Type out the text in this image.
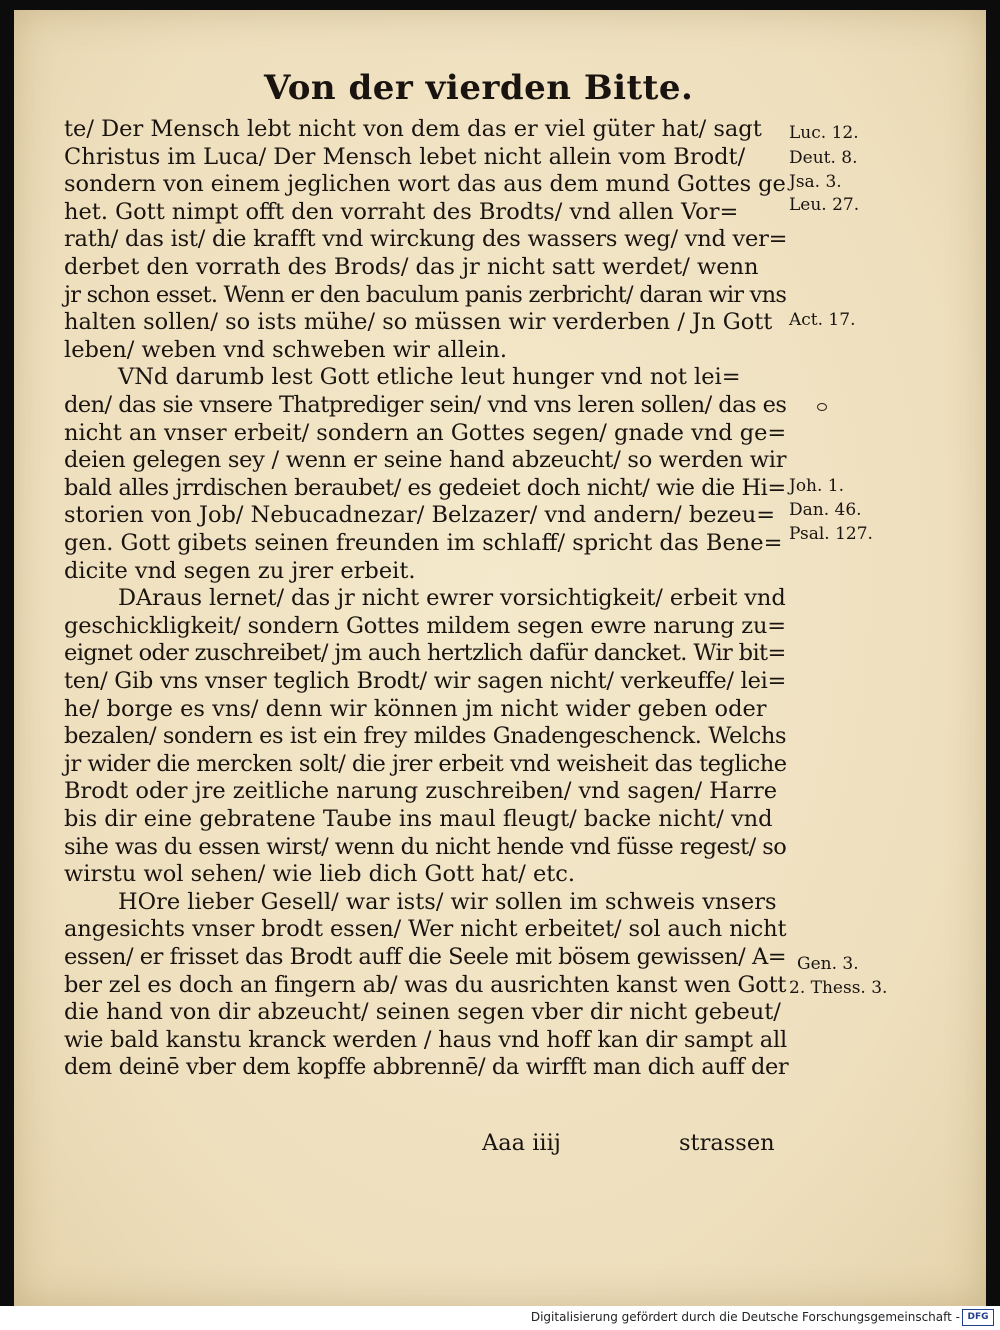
Von der vierden Bitte.
te/ Der Mensch lebt nicht von dem das er viel güter hat/ sagt
Christus im Luca/ Der Mensch lebet nicht allein vom Brodt/
sondern von einem jeglichen wort das aus dem mund Gottes ge
het. Gott nimpt offt den vorraht des Brodts/ vnd allen Vor=
rath/ das ist/ die krafft vnd wirckung des wassers weg/ vnd ver=
derbet den vorrath des Brods/ das jr nicht satt werdet/ wenn
jr schon esset. Wenn er den baculum panis zerbricht/ daran wir vns
halten sollen/ so ists mühe/ so müssen wir verderben / Jn Gott
leben/ weben vnd schweben wir allein.
VNd darumb lest Gott etliche leut hunger vnd not lei=
den/ das sie vnsere Thatprediger sein/ vnd vns leren sollen/ das es
nicht an vnser erbeit/ sondern an Gottes segen/ gnade vnd ge=
deien gelegen sey / wenn er seine hand abzeucht/ so werden wir
bald alles jrrdischen beraubet/ es gedeiet doch nicht/ wie die Hi=
storien von Job/ Nebucadnezar/ Belzazer/ vnd andern/ bezeu=
gen. Gott gibets seinen freunden im schlaff/ spricht das Bene=
dicite vnd segen zu jrer erbeit.
DAraus lernet/ das jr nicht ewrer vorsichtigkeit/ erbeit vnd
geschickligkeit/ sondern Gottes mildem segen ewre narung zu=
eignet oder zuschreibet/ jm auch hertzlich dafür dancket. Wir bit=
ten/ Gib vns vnser teglich Brodt/ wir sagen nicht/ verkeuffe/ lei=
he/ borge es vns/ denn wir können jm nicht wider geben oder
bezalen/ sondern es ist ein frey mildes Gnadengeschenck. Welchs
jr wider die mercken solt/ die jrer erbeit vnd weisheit das tegliche
Brodt oder jre zeitliche narung zuschreiben/ vnd sagen/ Harre
bis dir eine gebratene Taube ins maul fleugt/ backe nicht/ vnd
sihe was du essen wirst/ wenn du nicht hende vnd füsse regest/ so
wirstu wol sehen/ wie lieb dich Gott hat/ etc.
HOre lieber Gesell/ war ists/ wir sollen im schweis vnsers
angesichts vnser brodt essen/ Wer nicht erbeitet/ sol auch nicht
essen/ er frisset das Brodt auff die Seele mit bösem gewissen/ A=
ber zel es doch an fingern ab/ was du ausrichten kanst wen Gott
die hand von dir abzeucht/ seinen segen vber dir nicht gebeut/
wie bald kanstu kranck werden / haus vnd hoff kan dir sampt all
dem deinē vber dem kopffe abbrennē/ da wirfft man dich auff der
Luc. 12.
Deut. 8.
Jsa. 3.
Leu. 27.
Act. 17.
Joh. 1.
Dan. 46.
Psal. 127.
Gen. 3.
2. Thess. 3.
Aaa iiij	strassen
Digitalisierung gefördert durch die Deutsche Forschungsgemeinschaft - DFG
